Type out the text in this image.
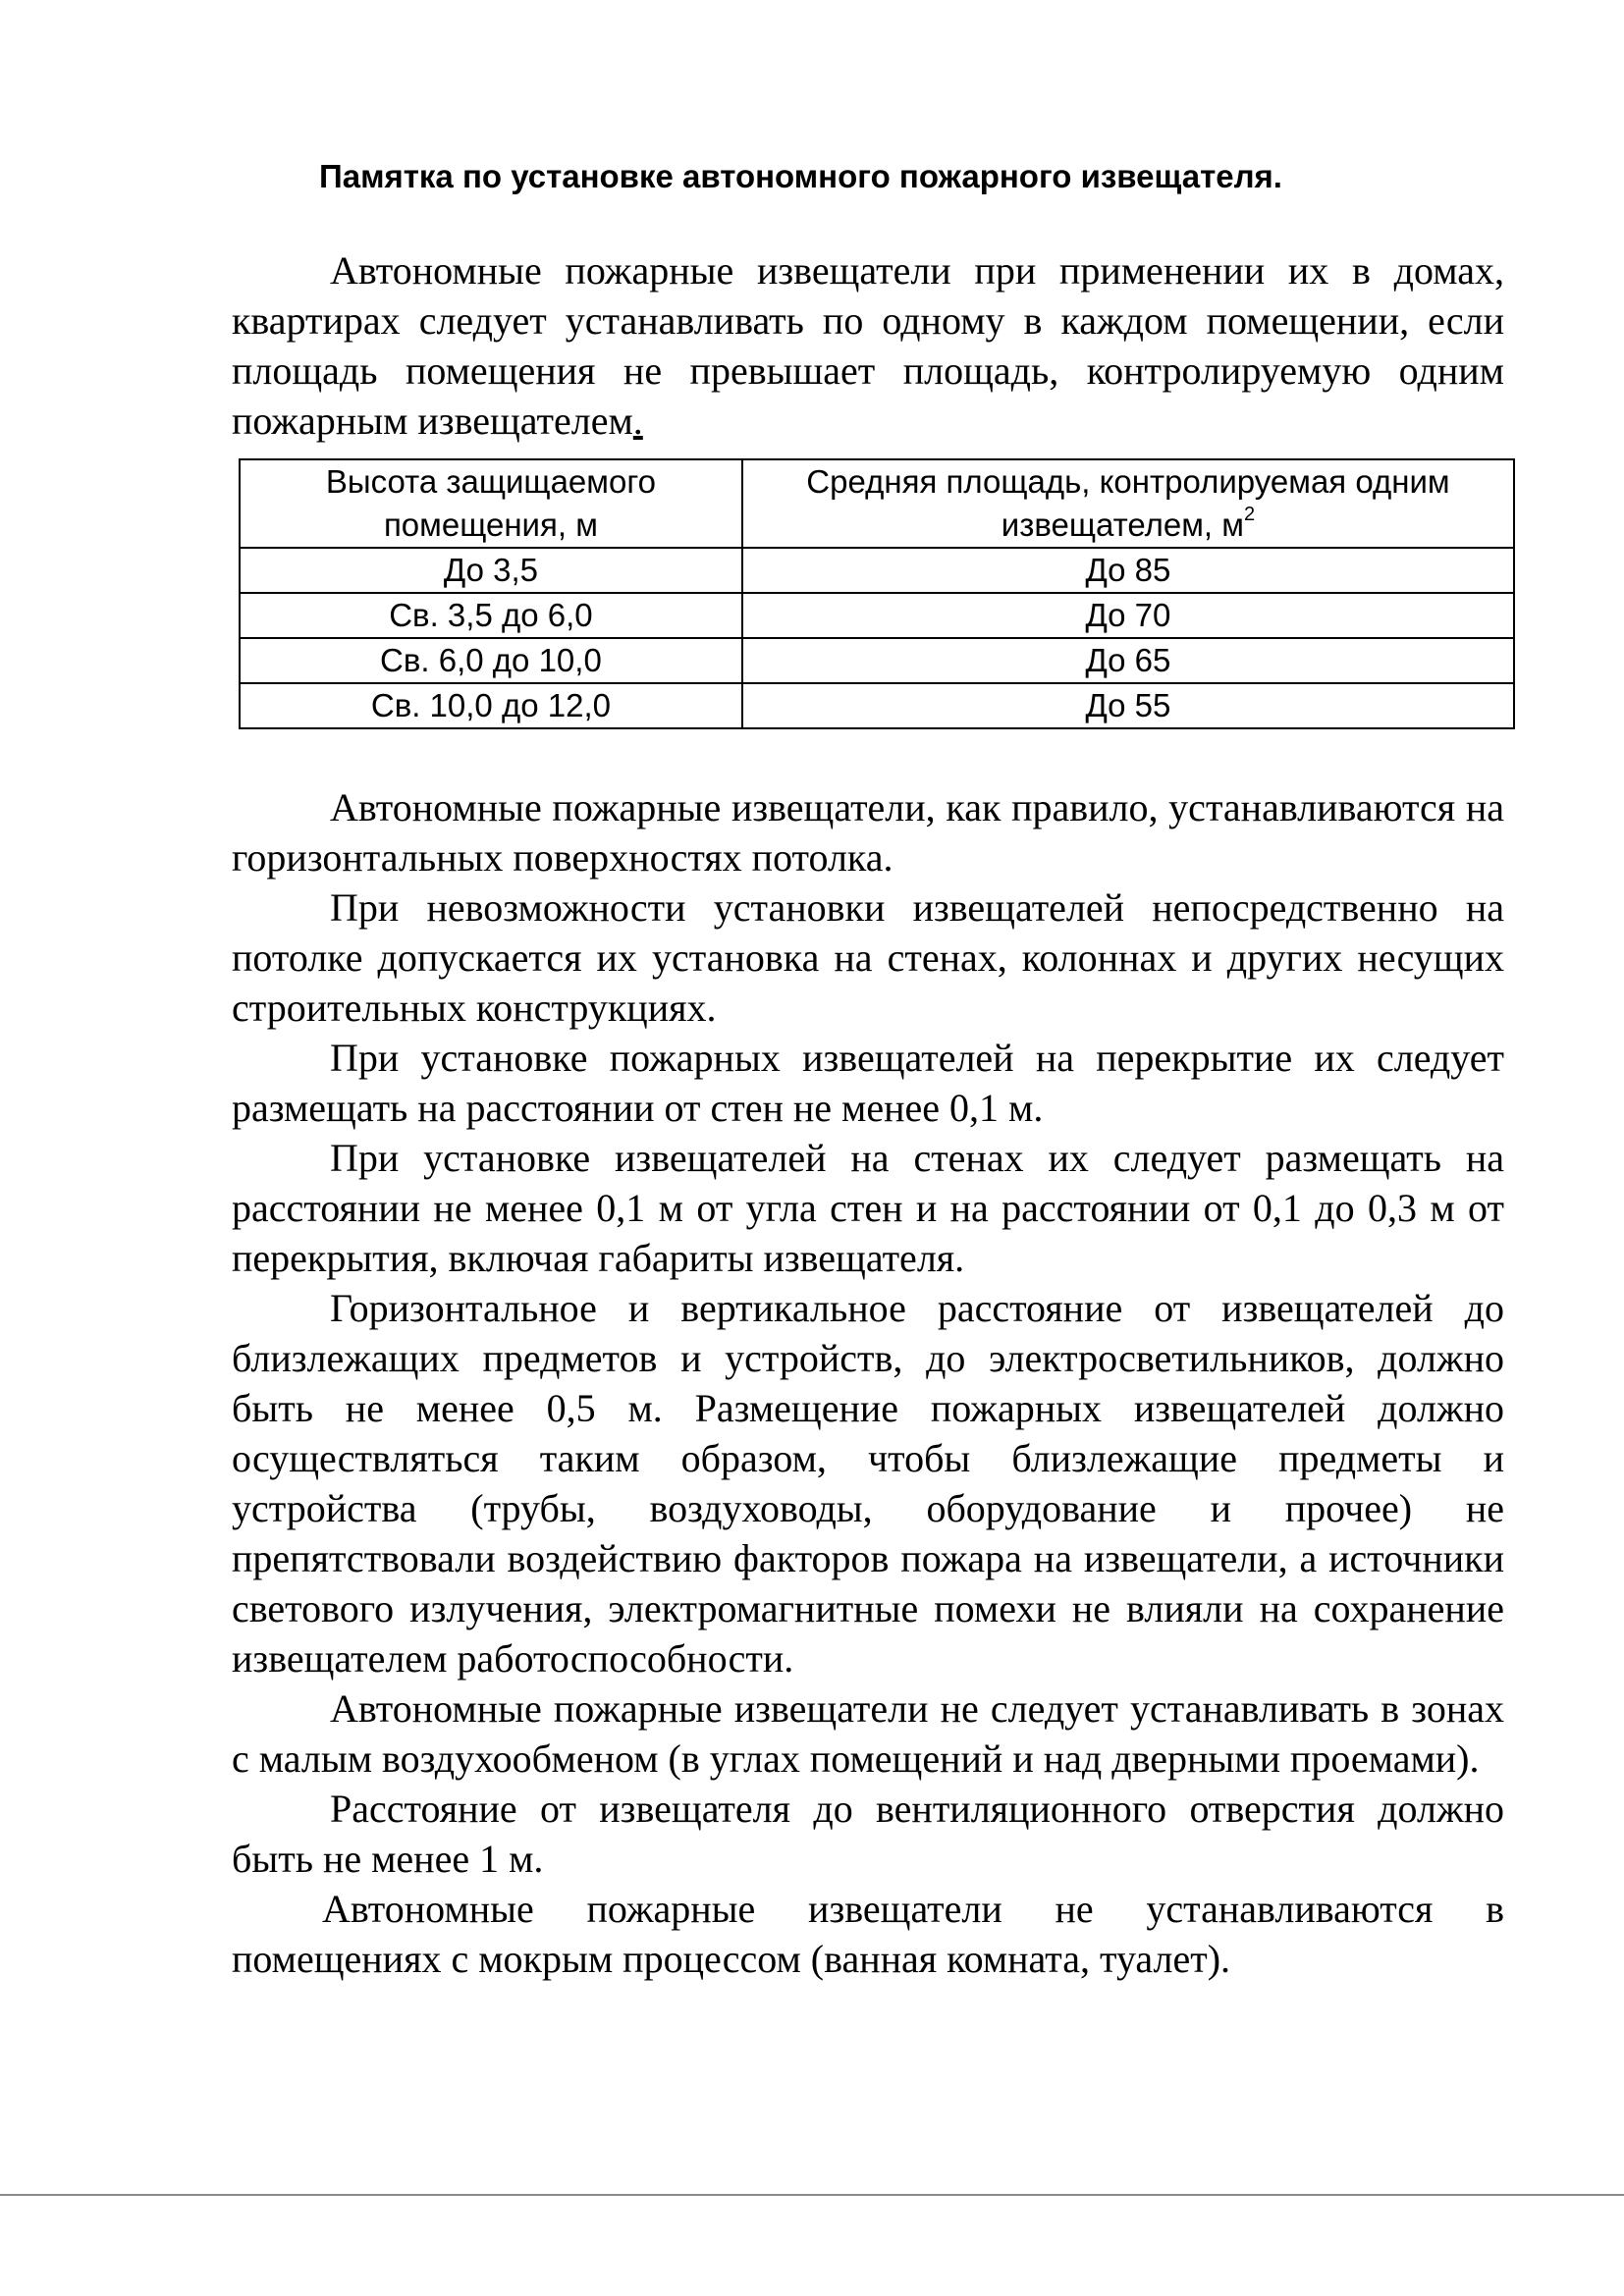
Памятка по установке автономного пожарного извещателя.

Автономные пожарные извещатели при применении их в домах, квартирах следует устанавливать по одному в каждом помещении, если площадь помещения не превышает площадь, контролируемую одним пожарным извещателем.

Высота защищаемого помещения, м	Средняя площадь, контролируемая одним извещателем, $м^2$
До 3,5	До 85
Св. 3,5 до 6,0	До 70
Св. 6,0 до 10,0	До 65
Св. 10,0 до 12,0	До 55

Автономные пожарные извещатели, как правило, устанавливаются на горизонтальных поверхностях потолка.

При невозможности установки извещателей непосредственно на потолке допускается их установка на стенах, колоннах и других несущих строительных конструкциях.

При установке пожарных извещателей на перекрытие их следует размещать на расстоянии от стен не менее 0,1 м.

При установке извещателей на стенах их следует размещать на расстоянии не менее 0,1 м от угла стен и на расстоянии от 0,1 до 0,3 м от перекрытия, включая габариты извещателя.

Горизонтальное и вертикальное расстояние от извещателей до близлежащих предметов и устройств, до электросветильников, должно быть не менее 0,5 м. Размещение пожарных извещателей должно осуществляться таким образом, чтобы близлежащие предметы и устройства (трубы, воздуховоды, оборудование и прочее) не препятствовали воздействию факторов пожара на извещатели, а источники светового излучения, электромагнитные помехи не влияли на сохранение извещателем работоспособности.

Автономные пожарные извещатели не следует устанавливать в зонах с малым воздухообменом (в углах помещений и над дверными проемами).

Расстояние от извещателя до вентиляционного отверстия должно быть не менее 1 м.

Автономные пожарные извещатели не устанавливаются в помещениях с мокрым процессом (ванная комната, туалет).
